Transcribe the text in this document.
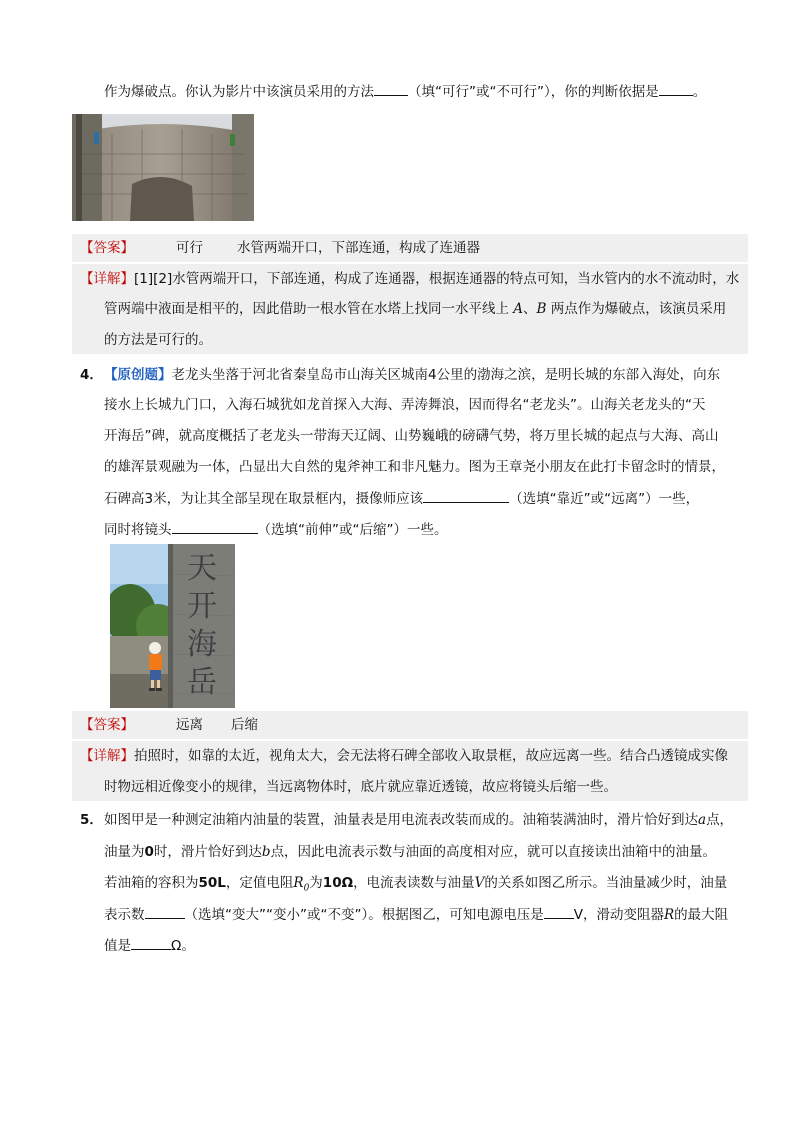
作为爆破点。你认为影片中该演员采用的方法	（填“可行”或“不可行”），你的判断依据是	。
【答案】	可行	水管两端开口，下部连通，构成了连通器
【详解】[1][2]水管两端开口，下部连通，构成了连通器，根据连通器的特点可知，当水管内的水不流动时，水
管两端中液面是相平的，因此借助一根水管在水塔上找同一水平线上 A、B 两点作为爆破点，该演员采用
的方法是可行的。
4． 【原创题】老龙头坐落于河北省秦皇岛市山海关区城南4公里的渤海之滨，是明长城的东部入海处，向东
接水上长城九门口，入海石城犹如龙首探入大海、弄涛舞浪，因而得名“老龙头”。山海关老龙头的“天
开海岳”碑，就高度概括了老龙头一带海天辽阔、山势巍峨的磅礴气势，将万里长城的起点与大海、高山
的雄浑景观融为一体，凸显出大自然的鬼斧神工和非凡魅力。图为王章尧小朋友在此打卡留念时的情景，
石碑高3米，为让其全部呈现在取景框内，摄像师应该	（选填“靠近”或“远离”）一些，
同时将镜头	（选填“前伸”或“后缩”）一些。
天
开
海
岳
【答案】	远离 后缩
【详解】拍照时，如靠的太近，视角太大，会无法将石碑全部收入取景框，故应远离一些。结合凸透镜成实像
时物远相近像变小的规律，当远离物体时，底片就应靠近透镜，故应将镜头后缩一些。
5． 如图甲是一种测定油箱内油量的装置，油量表是用电流表改装而成的。油箱装满油时，滑片恰好到达a点，
油量为0时，滑片恰好到达b点，因此电流表示数与油面的高度相对应，就可以直接读出油箱中的油量。
若油箱的容积为50L，定值电阻$R_0$为10Ω，电流表读数与油量V的关系如图乙所示。当油量减少时，油量
表示数	（选填“变大”“变小”或“不变”）。根据图乙，可知电源电压是 V，滑动变阻器R的最大阻
值是	Ω。
